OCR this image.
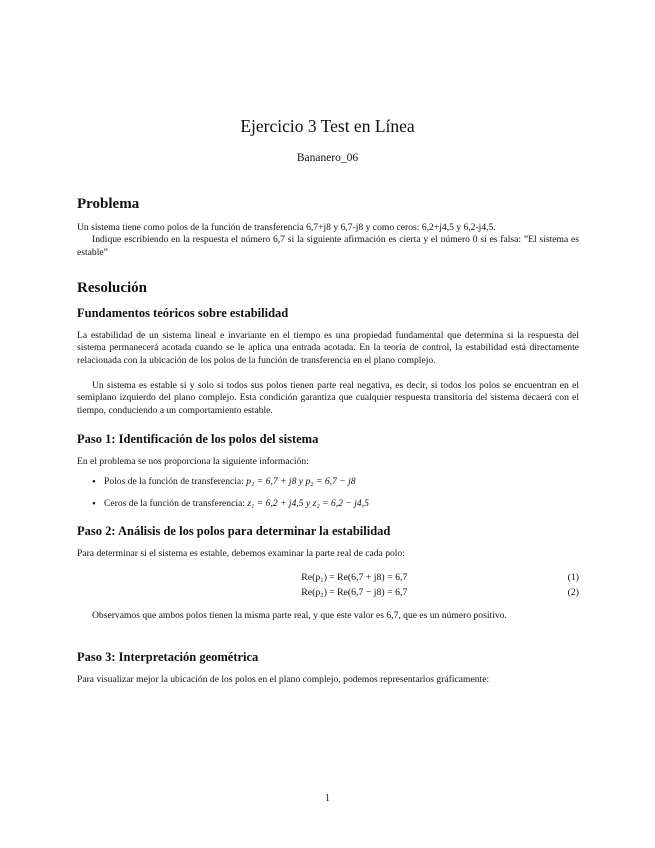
Ejercicio 3 Test en Línea
Bananero_06
Problema
Un sistema tiene como polos de la función de transferencia 6,7+j8 y 6,7-j8 y como ceros: 6,2+j4,5 y 6,2-j4,5.
Indique escribiendo en la respuesta el número 6,7 si la siguiente afirmación es cierta y el número 0 si es falsa: ”El sistema es estable”
Resolución
Fundamentos teóricos sobre estabilidad
La estabilidad de un sistema lineal e invariante en el tiempo es una propiedad fundamental que determina si la respuesta del sistema permanecerá acotada cuando se le aplica una entrada acotada. En la teoría de control, la estabilidad está directamente relacionada con la ubicación de los polos de la función de transferencia en el plano complejo.
Un sistema es estable si y solo si todos sus polos tienen parte real negativa, es decir, si todos los polos se encuentran en el semiplano izquierdo del plano complejo. Esta condición garantiza que cualquier respuesta transitoria del sistema decaerá con el tiempo, conduciendo a un comportamiento estable.
Paso 1: Identificación de los polos del sistema
En el problema se nos proporciona la siguiente información:
• Polos de la función de transferencia: p₁ = 6,7 + j8 y p₂ = 6,7 − j8
• Ceros de la función de transferencia: z₁ = 6,2 + j4,5 y z₂ = 6,2 − j4,5
Paso 2: Análisis de los polos para determinar la estabilidad
Para determinar si el sistema es estable, debemos examinar la parte real de cada polo:
Re(p₁) = Re(6,7 + j8) = 6,7	(1)
Re(p₂) = Re(6,7 − j8) = 6,7	(2)
Observamos que ambos polos tienen la misma parte real, y que este valor es 6,7, que es un número positivo.
Paso 3: Interpretación geométrica
Para visualizar mejor la ubicación de los polos en el plano complejo, podemos representarlos gráficamente:
1
